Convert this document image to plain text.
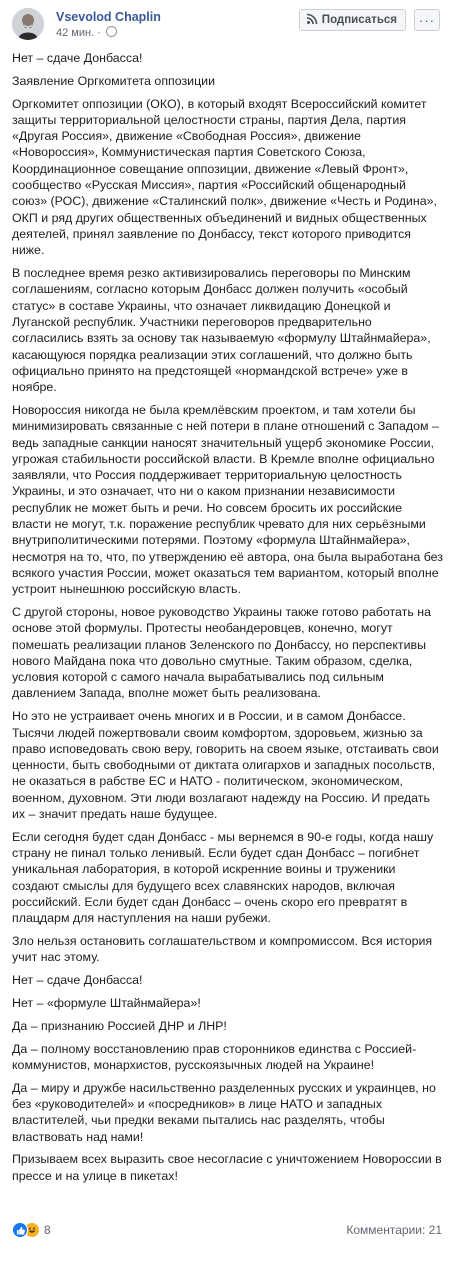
Vsevolod Chaplin
42 мин. ·
Подписаться ···

Нет – сдаче Донбасса!

Заявление Оргкомитета оппозиции

Оргкомитет оппозиции (ОКО), в который входят Всероссийский комитет защиты территориальной целостности страны, партия Дела, партия «Другая Россия», движение «Свободная Россия», движение «Новороссия», Коммунистическая партия Советского Союза, Координационное совещание оппозиции, движение «Левый Фронт», сообщество «Русская Миссия», партия «Российский общенародный союз» (РОС), движение «Сталинский полк», движение «Честь и Родина», ОКП и ряд других общественных объединений и видных общественных деятелей, принял заявление по Донбассу, текст которого приводится ниже.

В последнее время резко активизировались переговоры по Минским соглашениям, согласно которым Донбасс должен получить «особый статус» в составе Украины, что означает ликвидацию Донецкой и Луганской республик. Участники переговоров предварительно согласились взять за основу так называемую «формулу Штайнмайера», касающуюся порядка реализации этих соглашений, что должно быть официально принято на предстоящей «нормандской встрече» уже в ноябре.

Новороссия никогда не была кремлёвским проектом, и там хотели бы минимизировать связанные с ней потери в плане отношений с Западом – ведь западные санкции наносят значительный ущерб экономике России, угрожая стабильности российской власти. В Кремле вполне официально заявляли, что Россия поддерживает территориальную целостность Украины, и это означает, что ни о каком признании независимости республик не может быть и речи. Но совсем бросить их российские власти не могут, т.к. поражение республик чревато для них серьёзными внутриполитическими потерями. Поэтому «формула Штайнмайера», несмотря на то, что, по утверждению её автора, она была выработана без всякого участия России, может оказаться тем вариантом, который вполне устроит нынешнюю российскую власть.

С другой стороны, новое руководство Украины также готово работать на основе этой формулы. Протесты необандеровцев, конечно, могут помешать реализации планов Зеленского по Донбассу, но перспективы нового Майдана пока что довольно смутные. Таким образом, сделка, условия которой с самого начала вырабатывались под сильным давлением Запада, вполне может быть реализована.

Но это не устраивает очень многих и в России, и в самом Донбассе. Тысячи людей пожертвовали своим комфортом, здоровьем, жизнью за право исповедовать свою веру, говорить на своем языке, отстаивать свои ценности, быть свободными от диктата олигархов и западных посольств, не оказаться в рабстве ЕС и НАТО - политическом, экономическом, военном, духовном. Эти люди возлагают надежду на Россию. И предать их – значит предать наше будущее.

Если сегодня будет сдан Донбасс - мы вернемся в 90-е годы, когда нашу страну не пинал только ленивый. Если будет сдан Донбасс – погибнет уникальная лаборатория, в которой искренние воины и труженики создают смыслы для будущего всех славянских народов, включая российский. Если будет сдан Донбасс – очень скоро его превратят в плацдарм для наступления на наши рубежи.

Зло нельзя остановить соглашательством и компромиссом. Вся история учит нас этому.

Нет – сдаче Донбасса!

Нет – «формуле Штайнмайера»!

Да – признанию Россией ДНР и ЛНР!

Да – полному восстановлению прав сторонников единства с Россией- коммунистов, монархистов, русскоязычных людей на Украине!

Да – миру и дружбе насильственно разделенных русских и украинцев, но без «руководителей» и «посредников» в лице НАТО и западных властителей, чьи предки веками пытались нас разделять, чтобы властвовать над нами!

Призываем всех выразить свое несогласие с уничтожением Новороссии в прессе и на улице в пикетах!

8	Комментарии: 21
